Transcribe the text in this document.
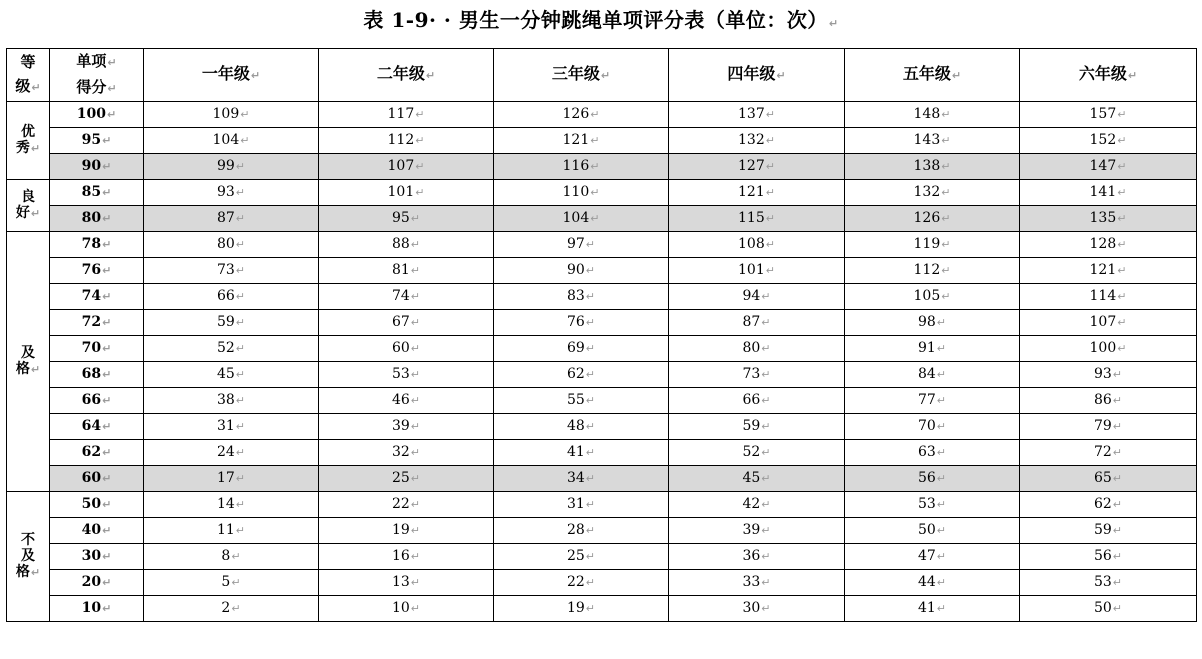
表 1-9· · 男生一分钟跳绳单项评分表（单位：次）↵
等
级↵	单项↵
得分↵	一年级↵	二年级↵	三年级↵	四年级↵	五年级↵	六年级↵
优
秀↵	100↵	109↵	117↵	126↵	137↵	148↵	157↵
	95↵	104↵	112↵	121↵	132↵	143↵	152↵
	90↵	99↵	107↵	116↵	127↵	138↵	147↵
良
好↵	85↵	93↵	101↵	110↵	121↵	132↵	141↵
	80↵	87↵	95↵	104↵	115↵	126↵	135↵
及
格↵	78↵	80↵	88↵	97↵	108↵	119↵	128↵
	76↵	73↵	81↵	90↵	101↵	112↵	121↵
	74↵	66↵	74↵	83↵	94↵	105↵	114↵
	72↵	59↵	67↵	76↵	87↵	98↵	107↵
	70↵	52↵	60↵	69↵	80↵	91↵	100↵
	68↵	45↵	53↵	62↵	73↵	84↵	93↵
	66↵	38↵	46↵	55↵	66↵	77↵	86↵
	64↵	31↵	39↵	48↵	59↵	70↵	79↵
	62↵	24↵	32↵	41↵	52↵	63↵	72↵
	60↵	17↵	25↵	34↵	45↵	56↵	65↵
不
及
格↵	50↵	14↵	22↵	31↵	42↵	53↵	62↵
	40↵	11↵	19↵	28↵	39↵	50↵	59↵
	30↵	8↵	16↵	25↵	36↵	47↵	56↵
	20↵	5↵	13↵	22↵	33↵	44↵	53↵
	10↵	2↵	10↵	19↵	30↵	41↵	50↵
